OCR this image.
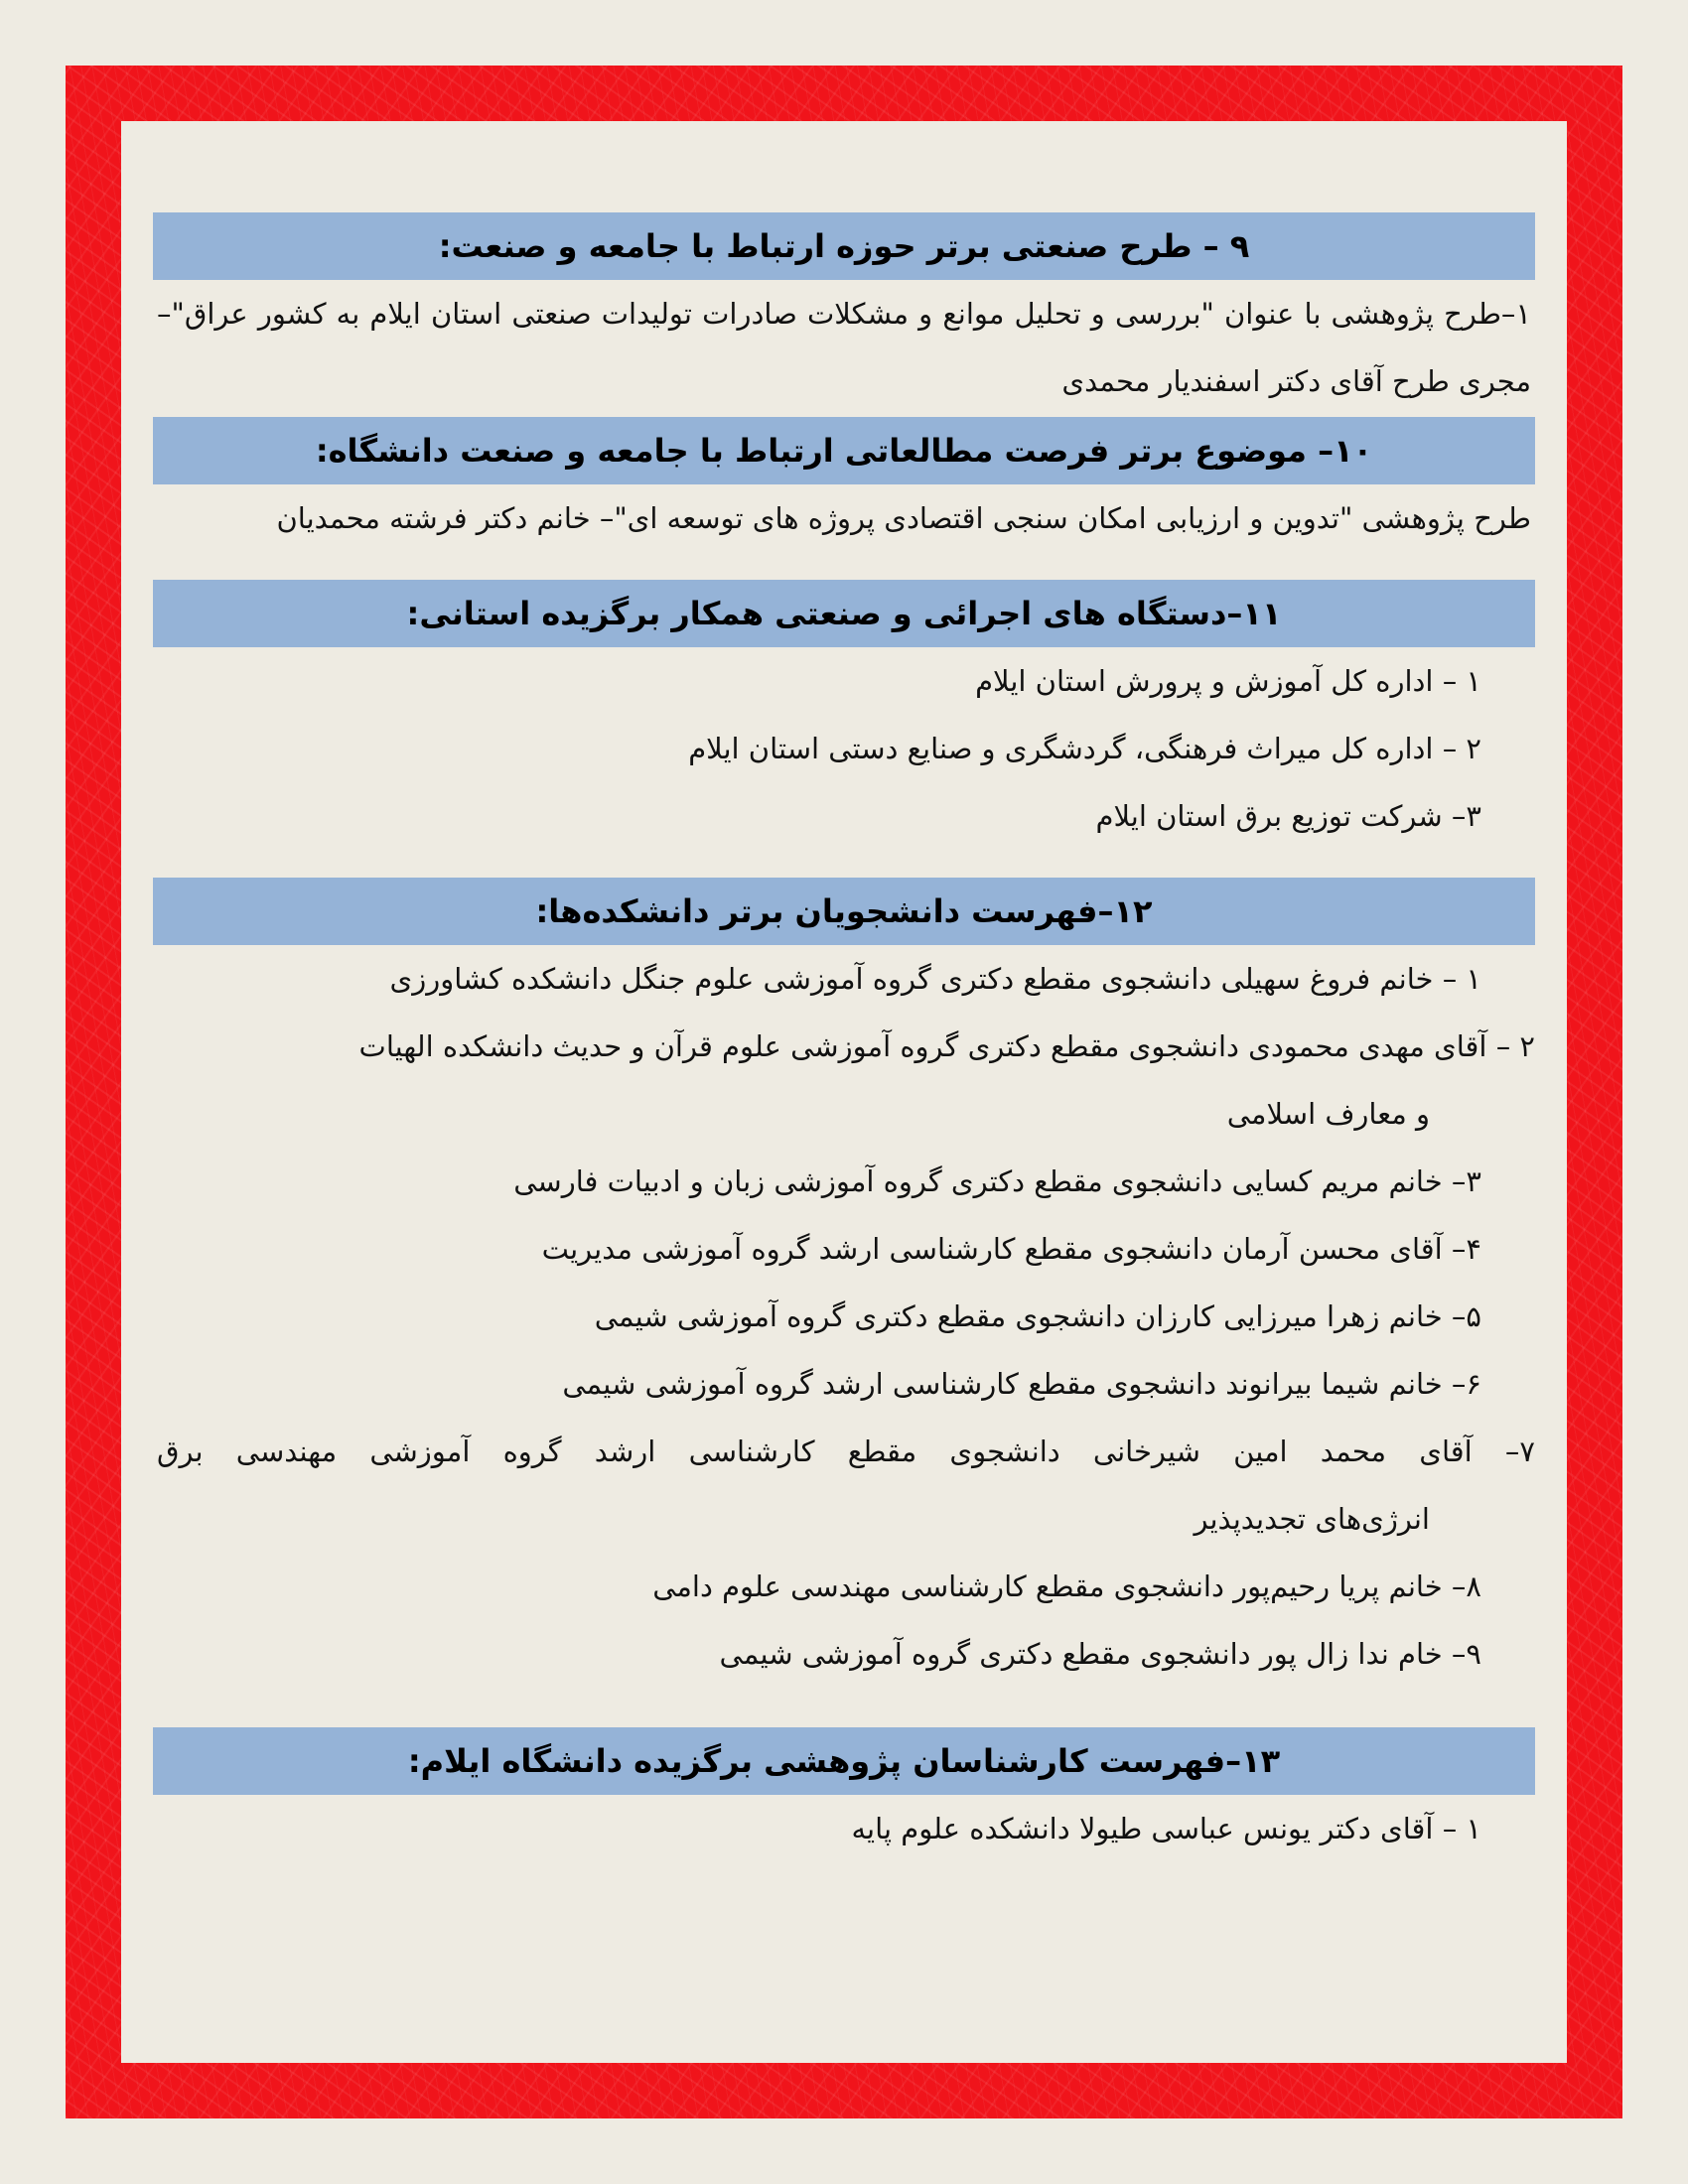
۹ – طرح صنعتی برتر حوزه ارتباط با جامعه و صنعت:
۱–طرح پژوهشی با عنوان "بررسی و تحلیل موانع و مشکلات صادرات تولیدات صنعتی استان ایلام به کشور عراق"– مجری طرح آقای دکتر اسفندیار محمدی
۱۰– موضوع برتر فرصت مطالعاتی ارتباط با جامعه و صنعت دانشگاه:
طرح پژوهشی "تدوین و ارزیابی امکان سنجی اقتصادی پروژه های توسعه ای"– خانم دکتر فرشته محمدیان
۱۱–دستگاه های اجرائی و صنعتی همکار برگزیده استانی:
۱ – اداره کل آموزش و پرورش استان ایلام
۲ – اداره کل میراث فرهنگی، گردشگری و صنایع دستی استان ایلام
۳– شرکت توزیع برق استان ایلام
۱۲–فهرست دانشجویان برتر دانشکده‌ها:
۱ – خانم فروغ سهیلی دانشجوی مقطع دکتری گروه آموزشی علوم جنگل دانشکده کشاورزی
۲ – آقای مهدی محمودی دانشجوی مقطع دکتری گروه آموزشی علوم قرآن و حدیث دانشکده الهیات
و معارف اسلامی
۳– خانم مریم کسایی دانشجوی مقطع دکتری گروه آموزشی زبان و ادبیات فارسی
۴– آقای محسن آرمان دانشجوی مقطع کارشناسی ارشد گروه آموزشی مدیریت
۵– خانم زهرا میرزایی کارزان دانشجوی مقطع دکتری گروه آموزشی شیمی
۶– خانم شیما بیرانوند دانشجوی مقطع کارشناسی ارشد گروه آموزشی شیمی
۷– آقای محمد امین شیرخانی دانشجوی مقطع کارشناسی ارشد گروه آموزشی مهندسی برق
انرژی‌های تجدیدپذیر
۸– خانم پریا رحیم‌پور دانشجوی مقطع کارشناسی مهندسی علوم دامی
۹– خام ندا زال پور دانشجوی مقطع دکتری گروه آموزشی شیمی
۱۳–فهرست کارشناسان پژوهشی برگزیده دانشگاه ایلام:
۱ – آقای دکتر یونس عباسی طیولا دانشکده علوم پایه
